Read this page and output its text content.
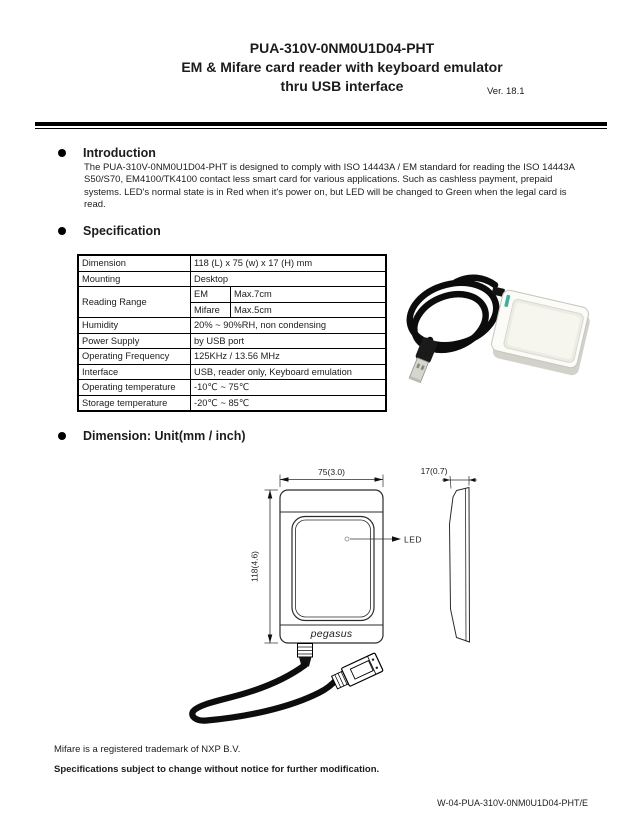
PUA-310V-0NM0U1D04-PHT
EM & Mifare card reader with keyboard emulator
thru USB interface	Ver. 18.1
Introduction
The PUA-310V-0NM0U1D04-PHT is designed to comply with ISO 14443A / EM standard for reading the ISO 14443A S50/S70, EM4100/TK4100 contact less smart card for various applications. Such as cashless payment, prepaid systems. LED's normal state is in Red when it's power on, but LED will be changed to Green when the legal card is read.
Specification
Dimension	118 (L) x 75 (w) x 17 (H) mm	
Mounting	Desktop	
Reading Range	EM	Max.7cm
	Mifare	Max.5cm
Humidity	20% ~ 90%RH, non condensing	
Power Supply	by USB port	
Operating Frequency	125KHz / 13.56 MHz	
Interface	USB, reader only, Keyboard emulation	
Operating temperature	-10℃ ~ 75℃	
Storage temperature	-20℃ ~ 85℃	
Dimension: Unit(mm / inch)
pegasus
LED
75(3.0)
118(4.6)
17(0.7)
Mifare is a registered trademark of NXP B.V.
Specifications subject to change without notice for further modification.
W-04-PUA-310V-0NM0U1D04-PHT/E
